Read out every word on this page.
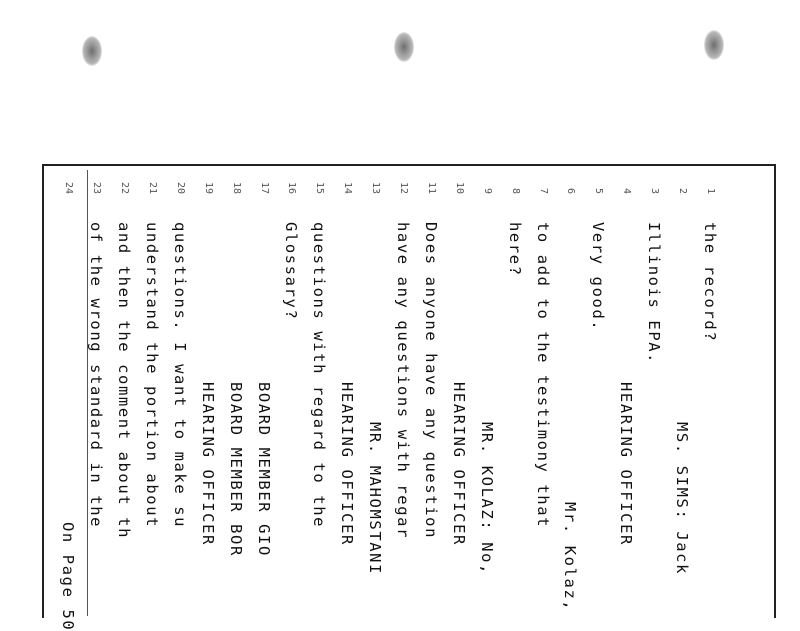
1
the record?
2
MS. SIMS: Jack
3
Illinois EPA.
4
HEARING OFFICER
5
Very good.
6
Mr. Kolaz,
7
to add to the testimony that
8
here?
9
MR. KOLAZ: No,
10
HEARING OFFICER
11
Does anyone have any question
12
have any questions with regar
13
MR. MAHOMSTANI
14
HEARING OFFICER
15
questions with regard to the
16
Glossary?
17
BOARD MEMBER GIO
18
BOARD MEMBER BOR
19
HEARING OFFICER
20
questions. I want to make su
21
understand the portion about
22
and then the comment about th
23
of the wrong standard in the
24
On Page 50
